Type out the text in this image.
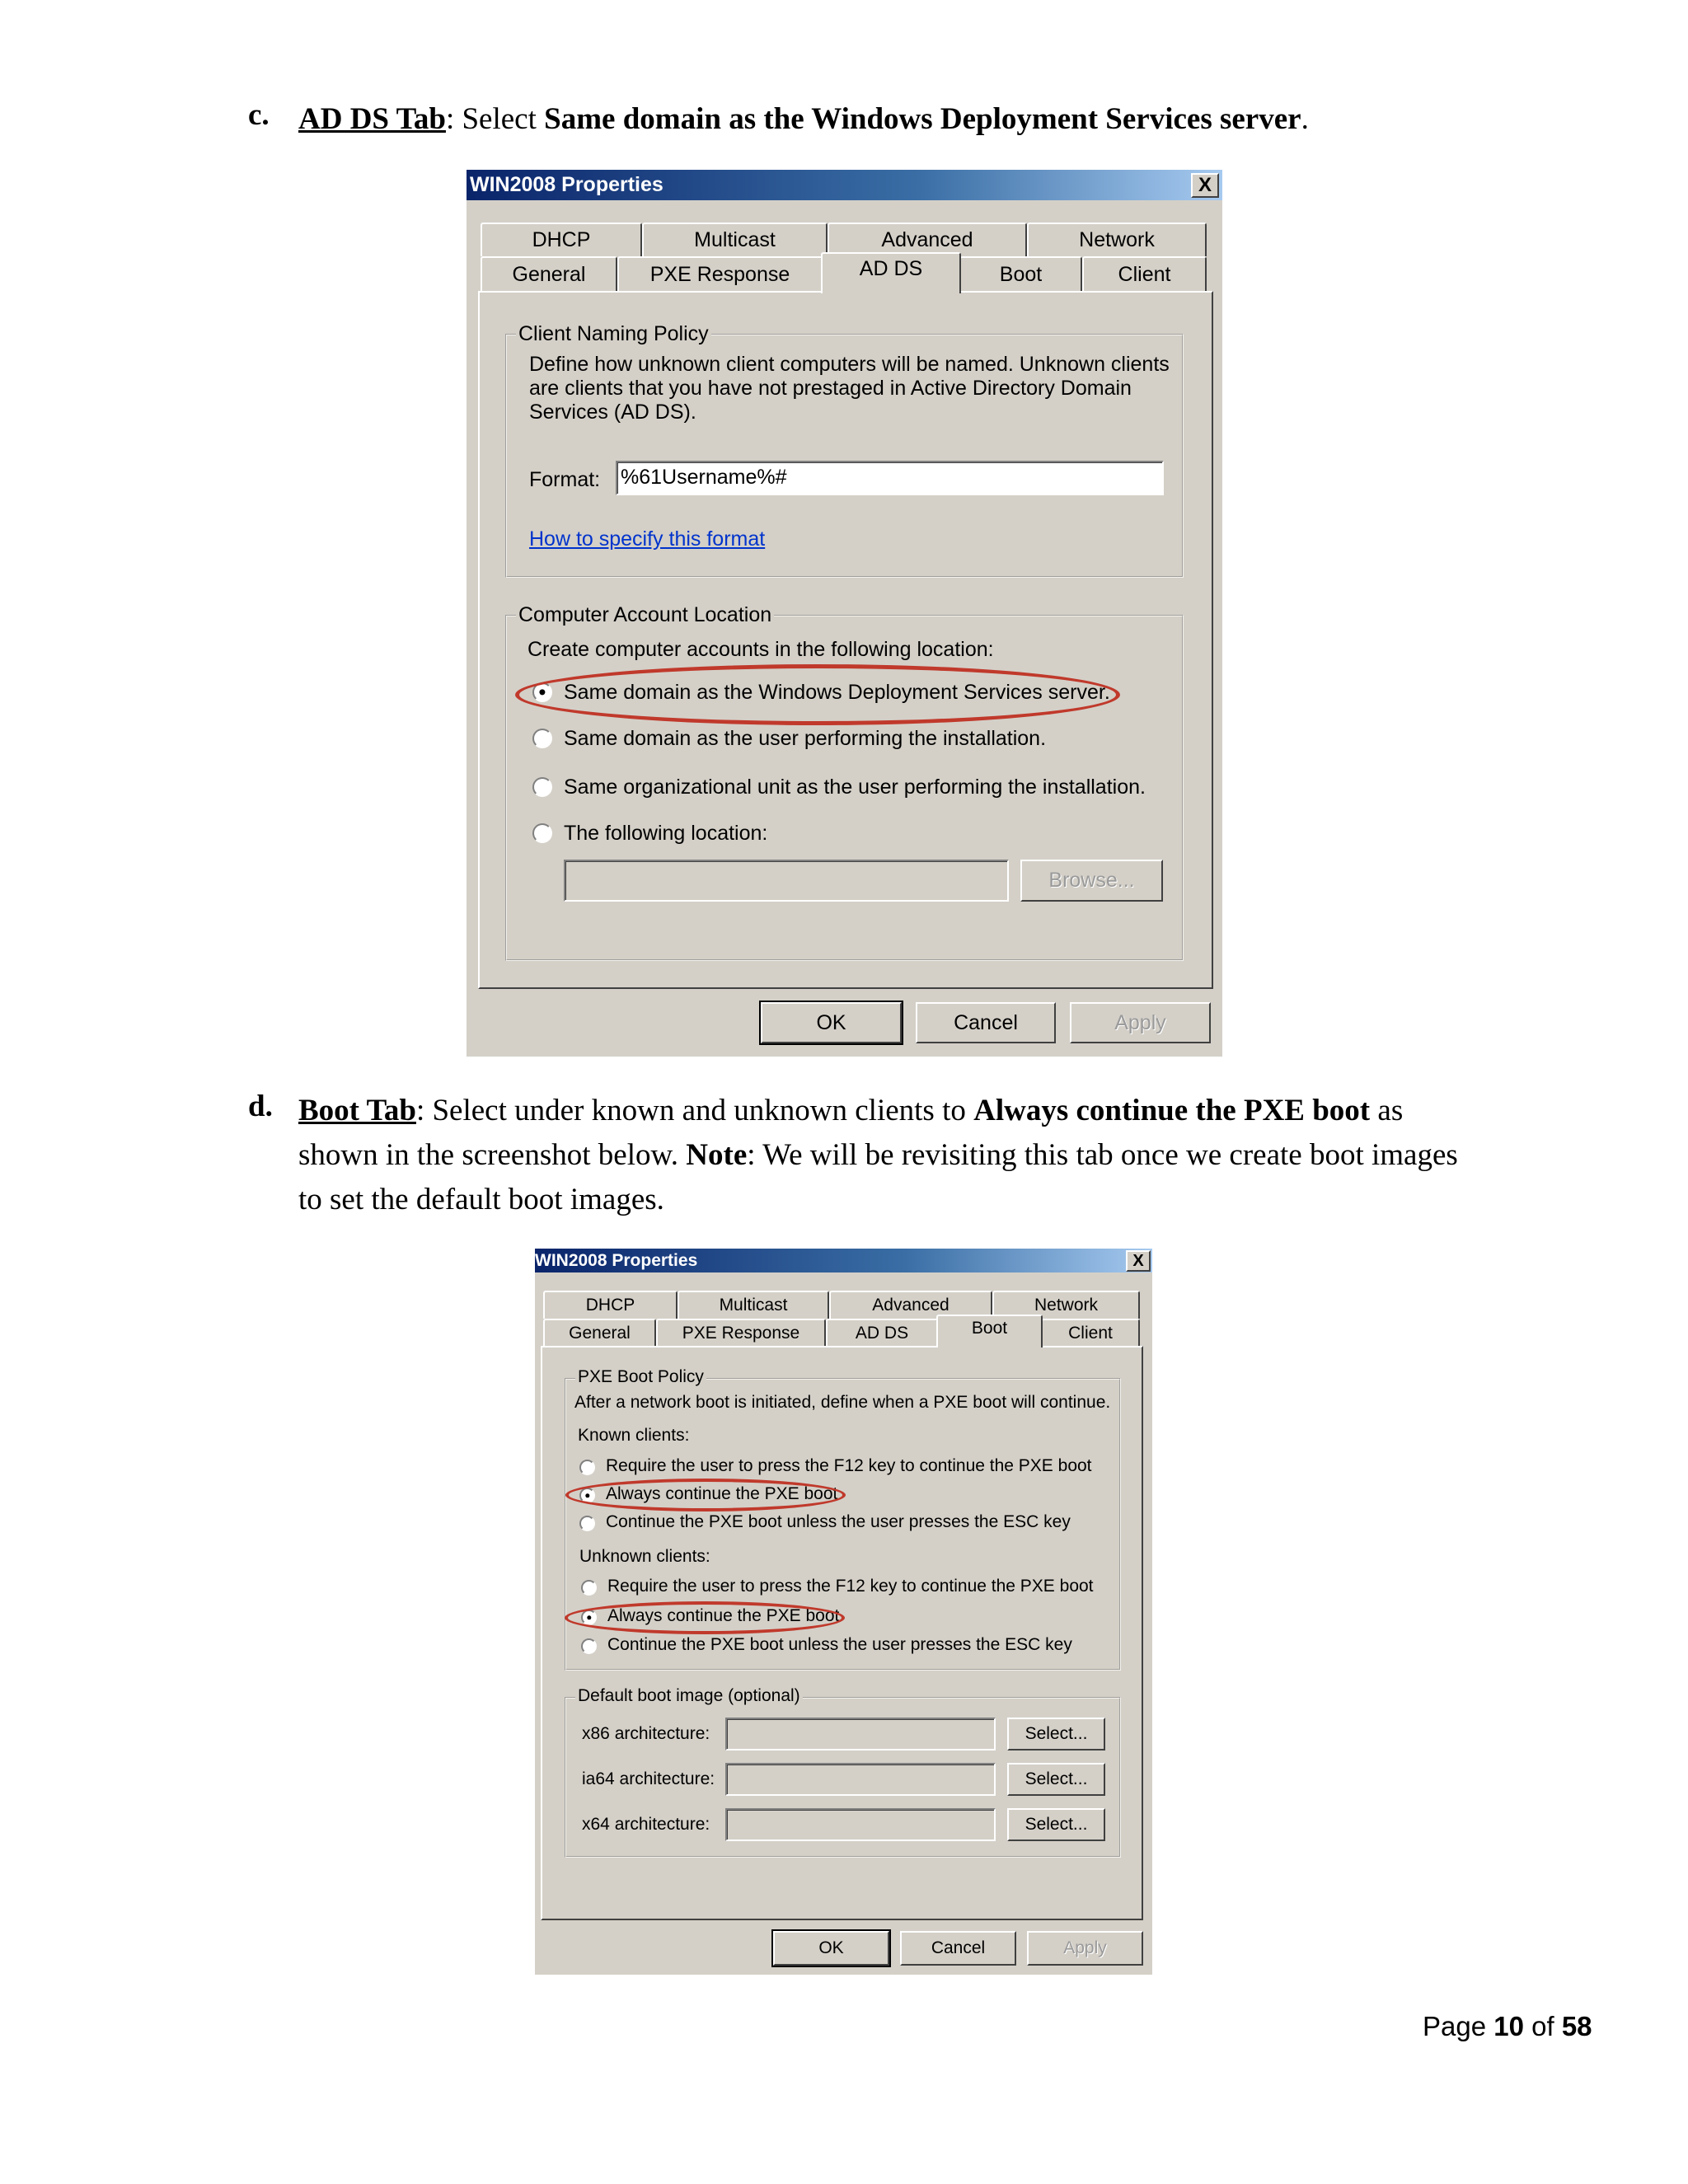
c. AD DS Tab: Select Same domain as the Windows Deployment Services server.
WIN2008 Properties	X
DHCP	Multicast	Advanced	Network
General	PXE Response	AD DS	Boot	Client
Client Naming Policy
Define how unknown client computers will be named. Unknown clients
are clients that you have not prestaged in Active Directory Domain
Services (AD DS).
Format: %61Username%#
How to specify this format
Computer Account Location
Create computer accounts in the following location:
Same domain as the Windows Deployment Services server.
Same domain as the user performing the installation.
Same organizational unit as the user performing the installation.
The following location:
Browse...
OK	Cancel	Apply
d. Boot Tab: Select under known and unknown clients to Always continue the PXE boot as
shown in the screenshot below. Note: We will be revisiting this tab once we create boot images
to set the default boot images.
WIN2008 Properties	X
DHCP	Multicast	Advanced	Network
General	PXE Response	AD DS	Boot	Client
PXE Boot Policy
After a network boot is initiated, define when a PXE boot will continue.
Known clients:
Require the user to press the F12 key to continue the PXE boot
Always continue the PXE boot
Continue the PXE boot unless the user presses the ESC key
Unknown clients:
Require the user to press the F12 key to continue the PXE boot
Always continue the PXE boot
Continue the PXE boot unless the user presses the ESC key
Default boot image (optional)
x86 architecture:	Select...
ia64 architecture:	Select...
x64 architecture:	Select...
OK	Cancel	Apply
Page 10 of 58
